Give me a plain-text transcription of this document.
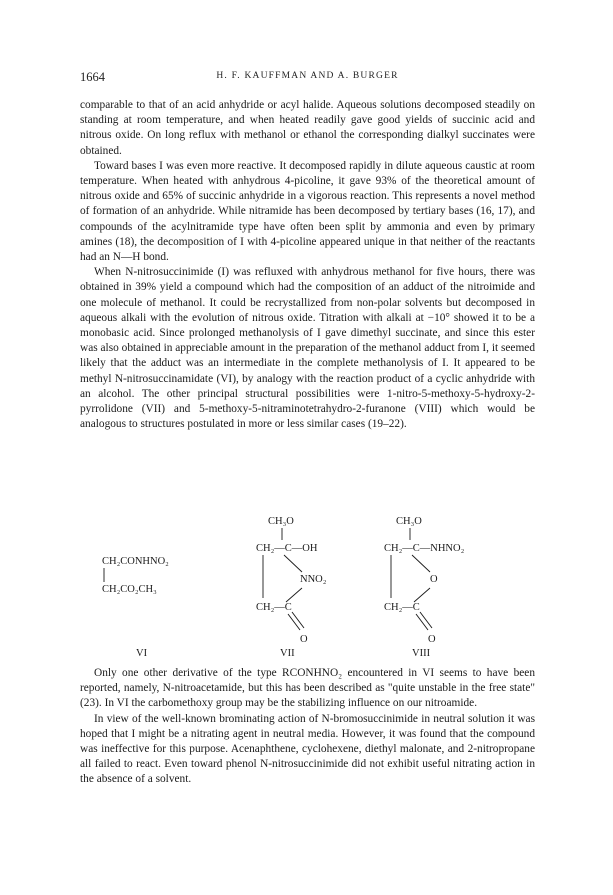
1664	H. F. KAUFFMAN AND A. BURGER

comparable to that of an acid anhydride or acyl halide. Aqueous solutions decomposed steadily on standing at room temperature, and when heated readily gave good yields of succinic acid and nitrous oxide. On long reflux with methanol or ethanol the corresponding dialkyl succinates were obtained.

Toward bases I was even more reactive. It decomposed rapidly in dilute aqueous caustic at room temperature. When heated with anhydrous 4-picoline, it gave 93% of the theoretical amount of nitrous oxide and 65% of succinic anhydride in a vigorous reaction. This represents a novel method of formation of an anhydride. While nitramide has been decomposed by tertiary bases (16, 17), and compounds of the acylnitramide type have often been split by ammonia and even by primary amines (18), the decomposition of I with 4-picoline appeared unique in that neither of the reactants had an N—H bond.

When N-nitrosuccinimide (I) was refluxed with anhydrous methanol for five hours, there was obtained in 39% yield a compound which had the composition of an adduct of the nitroimide and one molecule of methanol. It could be recrystallized from non-polar solvents but decomposed in aqueous alkali with the evolution of nitrous oxide. Titration with alkali at −10° showed it to be a monobasic acid. Since prolonged methanolysis of I gave dimethyl succinate, and since this ester was also obtained in appreciable amount in the preparation of the methanol adduct from I, it seemed likely that the adduct was an intermediate in the complete methanolysis of I. It appeared to be methyl N-nitrosuccinamidate (VI), by analogy with the reaction product of a cyclic anhydride with an alcohol. The other principal structural possibilities were 1-nitro-5-methoxy-5-hydroxy-2-pyrrolidone (VII) and 5-methoxy-5-nitraminotetrahydro-2-furanone (VIII) which would be analogous to structures postulated in more or less similar cases (19–22).

CH₂CONHNO₂
CH₂CO₂CH₃
VI
CH₃O
CH₂—C—OH
NNO₂
CH₂—C
O
VII
CH₃O
CH₂—C—NHNO₂
O
CH₂—C
O
VIII

Only one other derivative of the type RCONHNO₂ encountered in VI seems to have been reported, namely, N-nitroacetamide, but this has been described as "quite unstable in the free state" (23). In VI the carbomethoxy group may be the stabilizing influence on our nitroamide.

In view of the well-known brominating action of N-bromosuccinimide in neutral solution it was hoped that I might be a nitrating agent in neutral media. However, it was found that the compound was ineffective for this purpose. Acenaphthene, cyclohexene, diethyl malonate, and 2-nitropropane all failed to react. Even toward phenol N-nitrosuccinimide did not exhibit useful nitrating action in the absence of a solvent.
